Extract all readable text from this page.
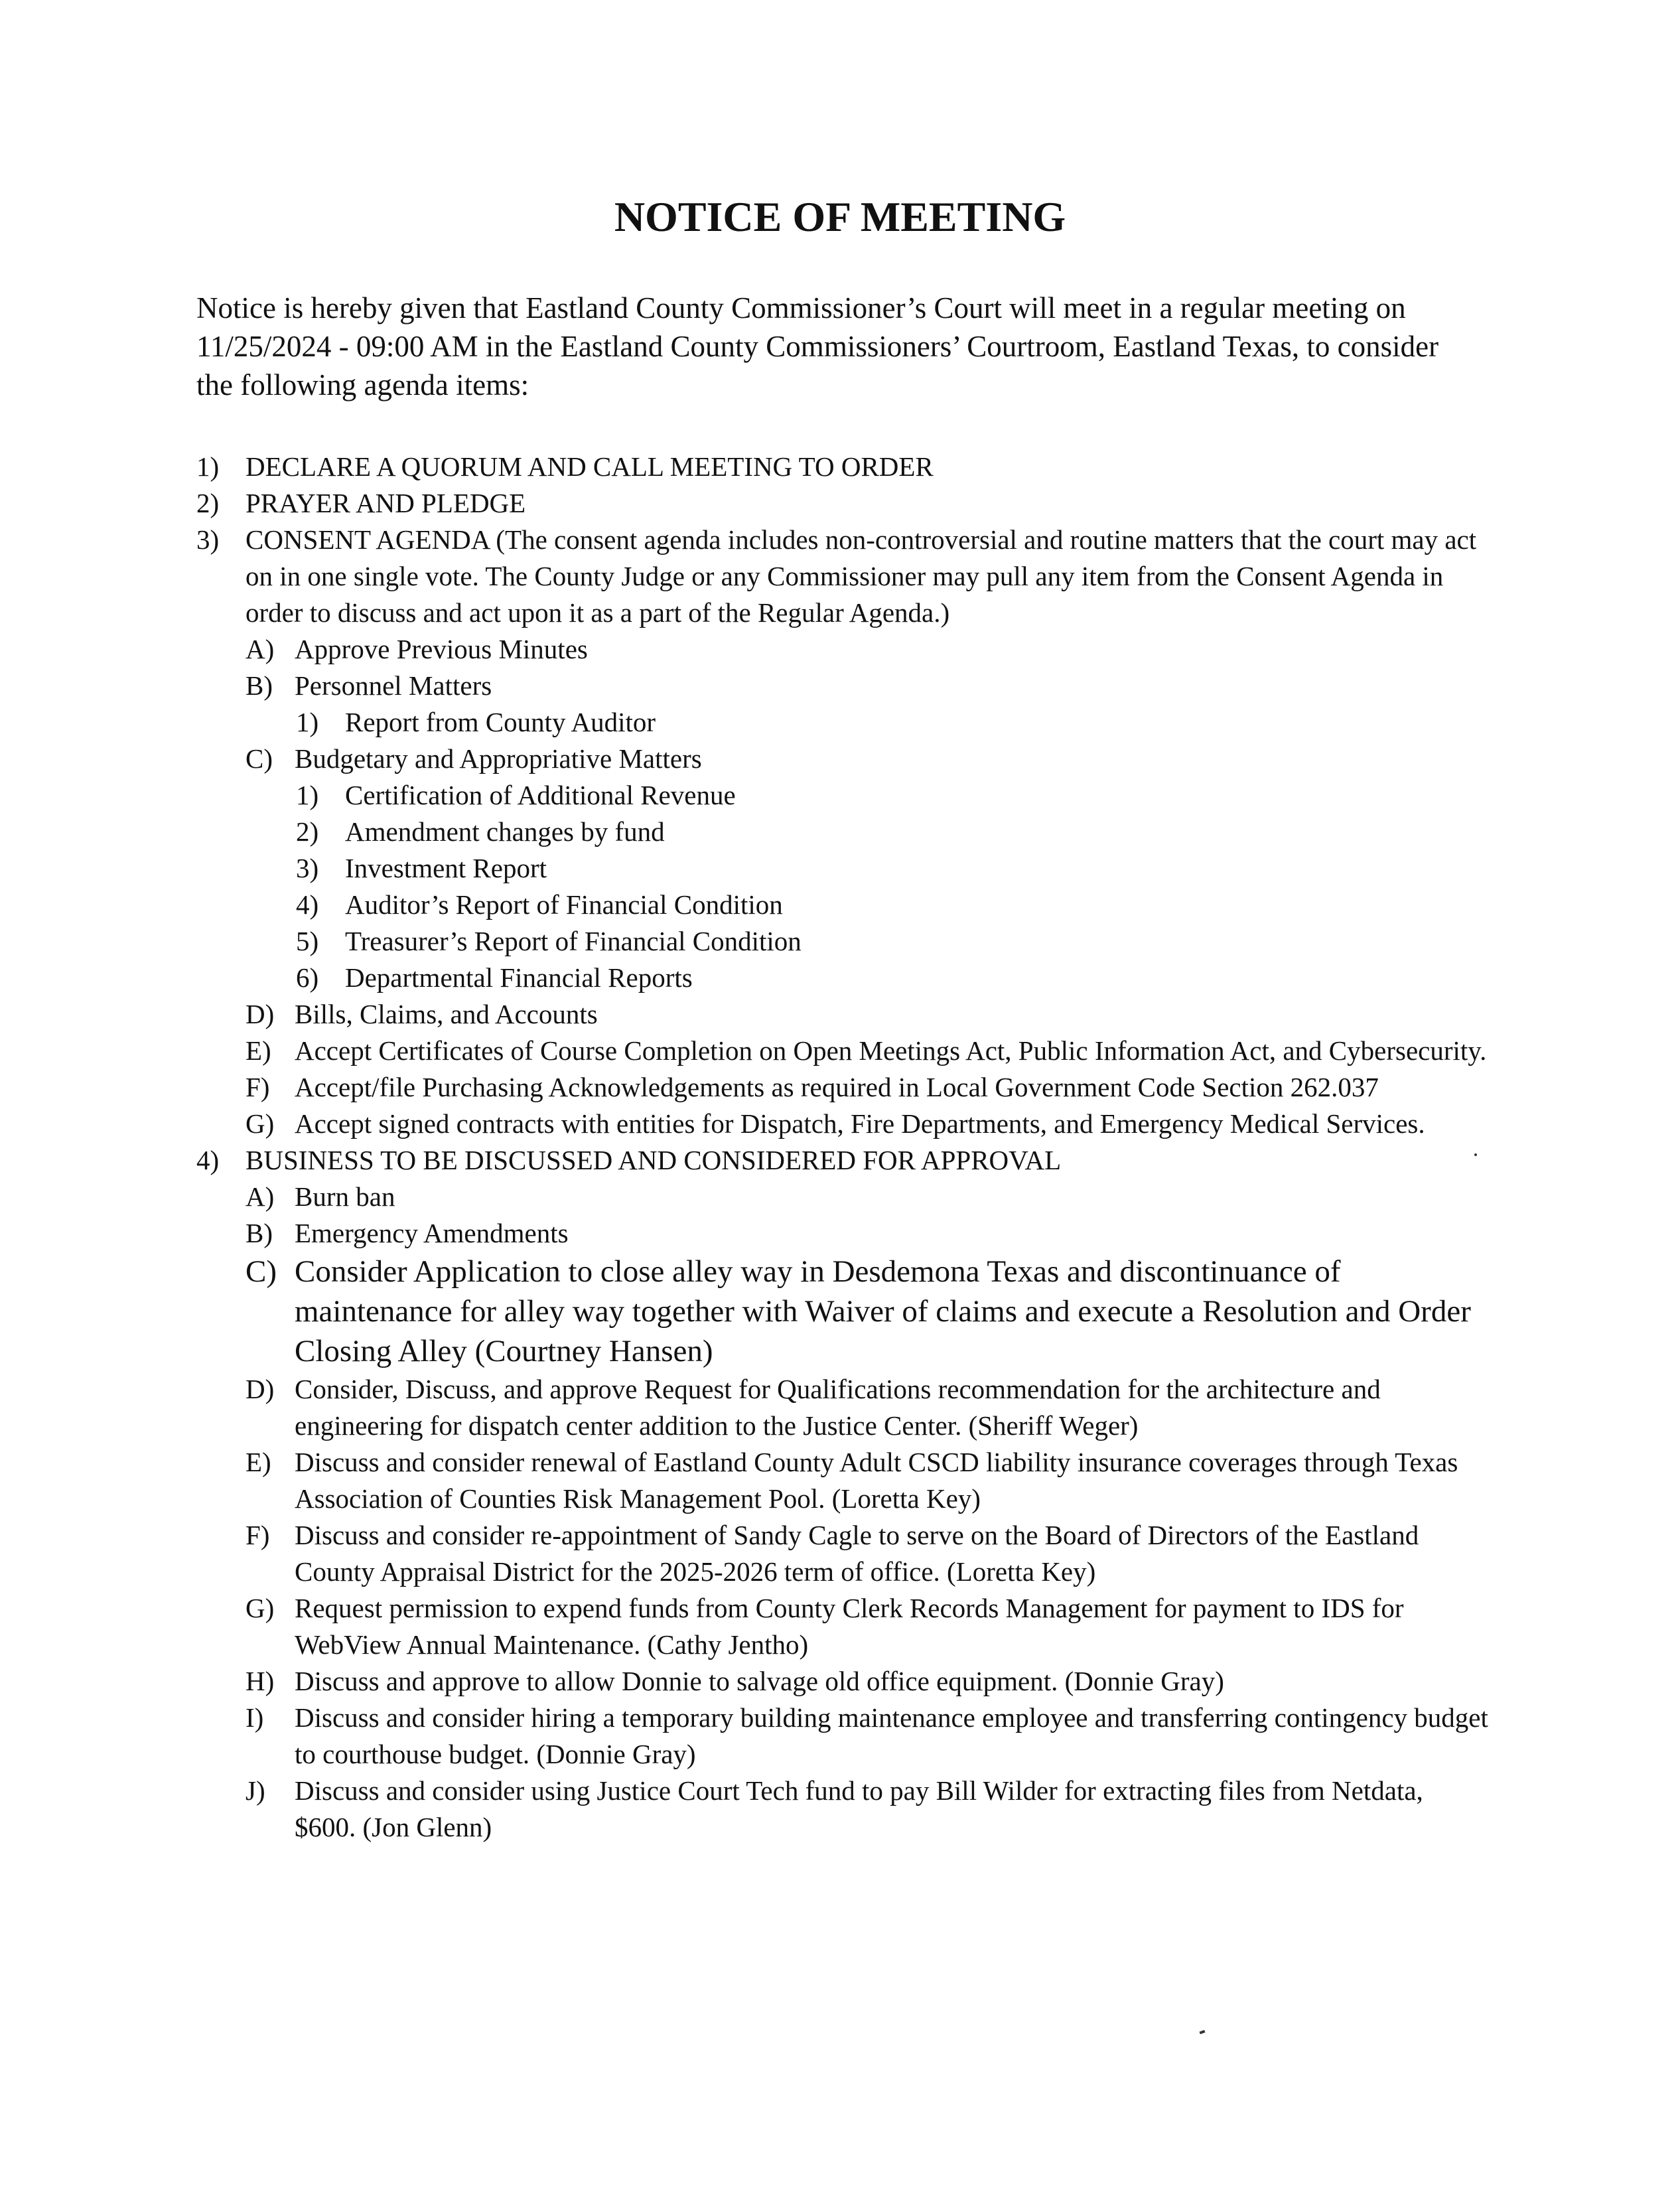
NOTICE OF MEETING

Notice is hereby given that Eastland County Commissioner’s Court will meet in a regular meeting on 11/25/2024 - 09:00 AM in the Eastland County Commissioners’ Courtroom, Eastland Texas, to consider the following agenda items:

1) DECLARE A QUORUM AND CALL MEETING TO ORDER
2) PRAYER AND PLEDGE
3) CONSENT AGENDA (The consent agenda includes non-controversial and routine matters that the court may act on in one single vote. The County Judge or any Commissioner may pull any item from the Consent Agenda in order to discuss and act upon it as a part of the Regular Agenda.)
A) Approve Previous Minutes
B) Personnel Matters
1) Report from County Auditor
C) Budgetary and Appropriative Matters
1) Certification of Additional Revenue
2) Amendment changes by fund
3) Investment Report
4) Auditor’s Report of Financial Condition
5) Treasurer’s Report of Financial Condition
6) Departmental Financial Reports
D) Bills, Claims, and Accounts
E) Accept Certificates of Course Completion on Open Meetings Act, Public Information Act, and Cybersecurity.
F) Accept/file Purchasing Acknowledgements as required in Local Government Code Section 262.037
G) Accept signed contracts with entities for Dispatch, Fire Departments, and Emergency Medical Services.
4) BUSINESS TO BE DISCUSSED AND CONSIDERED FOR APPROVAL
A) Burn ban
B) Emergency Amendments
C) Consider Application to close alley way in Desdemona Texas and discontinuance of maintenance for alley way together with Waiver of claims and execute a Resolution and Order Closing Alley (Courtney Hansen)
D) Consider, Discuss, and approve Request for Qualifications recommendation for the architecture and engineering for dispatch center addition to the Justice Center. (Sheriff Weger)
E) Discuss and consider renewal of Eastland County Adult CSCD liability insurance coverages through Texas Association of Counties Risk Management Pool. (Loretta Key)
F) Discuss and consider re-appointment of Sandy Cagle to serve on the Board of Directors of the Eastland County Appraisal District for the 2025-2026 term of office. (Loretta Key)
G) Request permission to expend funds from County Clerk Records Management for payment to IDS for WebView Annual Maintenance. (Cathy Jentho)
H) Discuss and approve to allow Donnie to salvage old office equipment. (Donnie Gray)
I)	Discuss and consider hiring a temporary building maintenance employee and transferring contingency budget to courthouse budget. (Donnie Gray)
J)	Discuss and consider using Justice Court Tech fund to pay Bill Wilder for extracting files from Netdata, $600. (Jon Glenn)
